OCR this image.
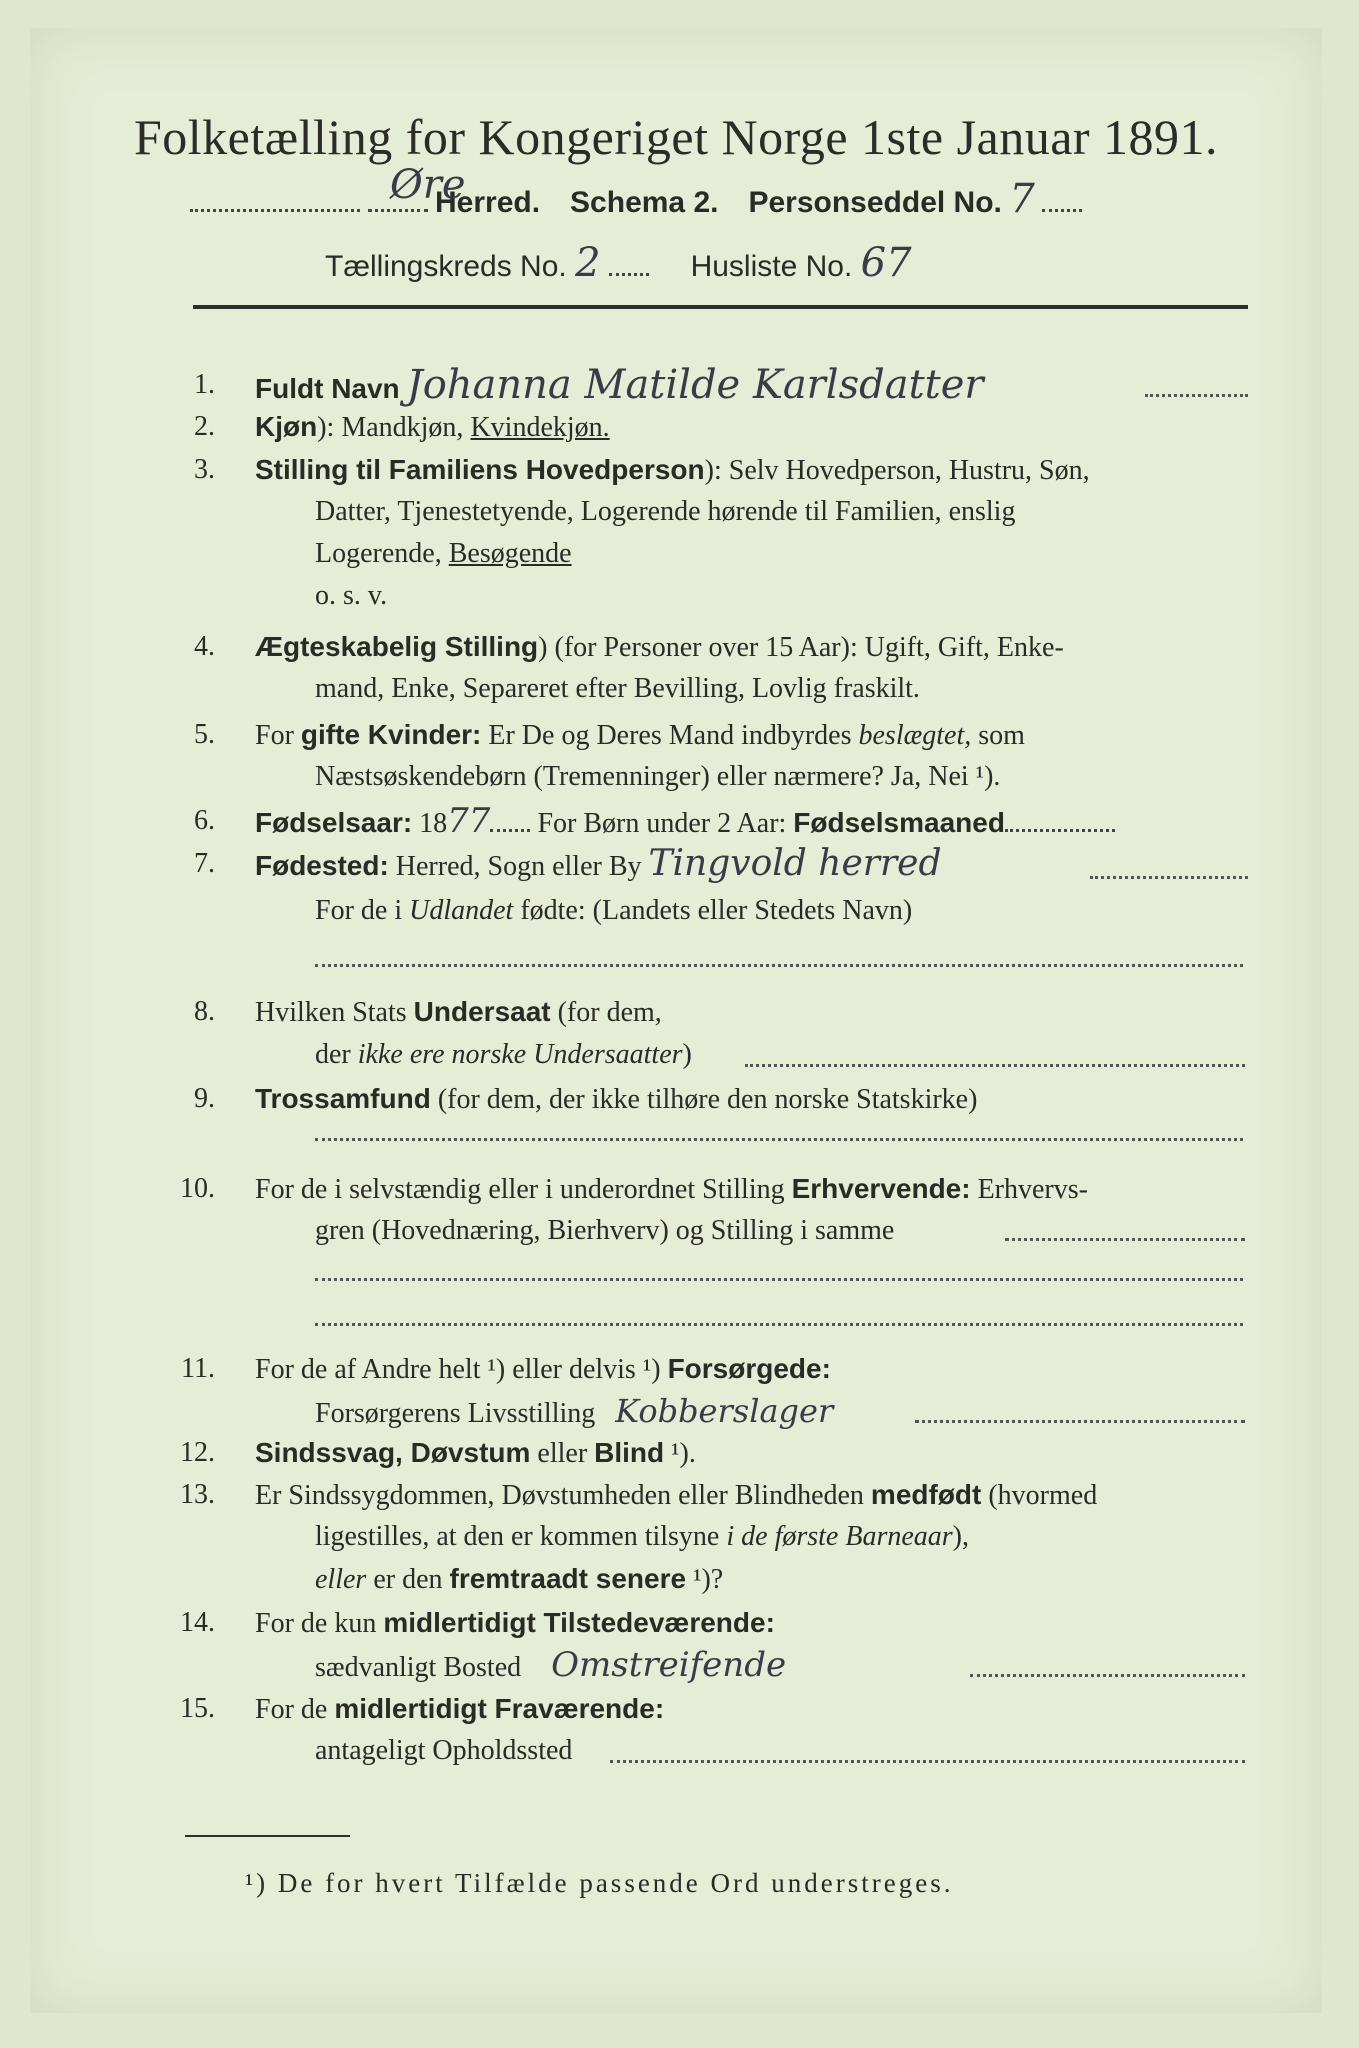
Folketælling for Kongeriget Norge 1ste Januar 1891.

Øre
Herred. Schema 2. Personseddel No. 7
Tællingskreds No. 2	Husliste No. 67
1. Fuldt Navn Johanna Matilde Karlsdatter
2. Kjøn): Mandkjøn, Kvindekjøn.
3. Stilling til Familiens Hovedperson): Selv Hovedperson, Hustru, Søn,
Datter, Tjenestetyende, Logerende hørende til Familien, enslig
Logerende, Besøgende
o. s. v.
4. Ægteskabelig Stilling) (for Personer over 15 Aar): Ugift, Gift, Enke-
mand, Enke, Separeret efter Bevilling, Lovlig fraskilt.
5. For gifte Kvinder: Er De og Deres Mand indbyrdes beslægtet, som
Næstsøskendebørn (Tremenninger) eller nærmere? Ja, Nei ¹).
6. Fødselsaar: 1877 For Børn under 2 Aar: Fødselsmaaned
7. Fødested: Herred, Sogn eller By Tingvold herred
For de i Udlandet fødte: (Landets eller Stedets Navn)
8. Hvilken Stats Undersaat (for dem,
der ikke ere norske Undersaatter)
9. Trossamfund (for dem, der ikke tilhøre den norske Statskirke)
10. For de i selvstændig eller i underordnet Stilling Erhvervende: Erhvervs-
gren (Hovednæring, Bierhverv) og Stilling i samme
11. For de af Andre helt ¹) eller delvis ¹) Forsørgede:
Forsørgerens Livsstilling Kobberslager
12. Sindssvag, Døvstum eller Blind ¹).
13. Er Sindssygdommen, Døvstumheden eller Blindheden medfødt (hvormed
ligestilles, at den er kommen tilsyne i de første Barneaar),
eller er den fremtraadt senere ¹)?
14. For de kun midlertidigt Tilstedeværende:
sædvanligt Bosted Omstreifende
15. For de midlertidigt Fraværende:
antageligt Opholdssted
¹) De for hvert Tilfælde passende Ord understreges.
